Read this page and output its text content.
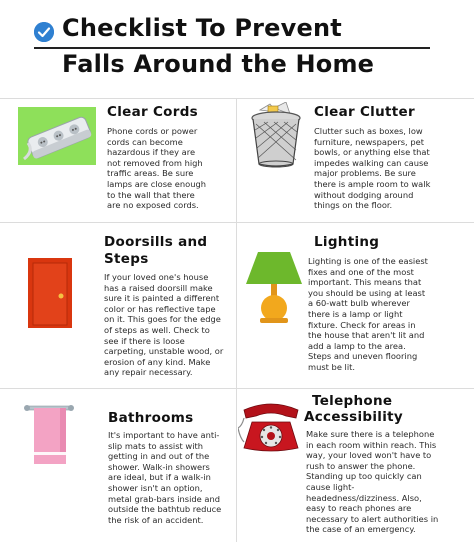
Checklist To Prevent
Falls Around the Home
Clear Cords
Phone cords or power
cords can become
hazardous if they are
not removed from high
traffic areas. Be sure
lamps are close enough
to the wall that there
are no exposed cords.
Clear Clutter
Clutter such as boxes, low
furniture, newspapers, pet
bowls, or anything else that
impedes walking can cause
major problems. Be sure
there is ample room to walk
without dodging around
things on the floor.
Doorsills and
Steps
If your loved one's house
has a raised doorsill make
sure it is painted a different
color or has reflective tape
on it. This goes for the edge
of steps as well. Check to
see if there is loose
carpeting, unstable wood, or
erosion of any kind. Make
any repair necessary.
Lighting
Lighting is one of the easiest
fixes and one of the most
important. This means that
you should be using at least
a 60-watt bulb wherever
there is a lamp or light
fixture. Check for areas in
the house that aren't lit and
add a lamp to the area.
Steps and uneven flooring
must be lit.
Bathrooms
It's important to have anti-
slip mats to assist with
getting in and out of the
shower. Walk-in showers
are ideal, but if a walk-in
shower isn't an option,
metal grab-bars inside and
outside the bathtub reduce
the risk of an accident.
Telephone
Accessibility
Make sure there is a telephone
in each room within reach. This
way, your loved won't have to
rush to answer the phone.
Standing up too quickly can
cause light-
headedness/dizziness. Also,
easy to reach phones are
necessary to alert authorities in
the case of an emergency.
